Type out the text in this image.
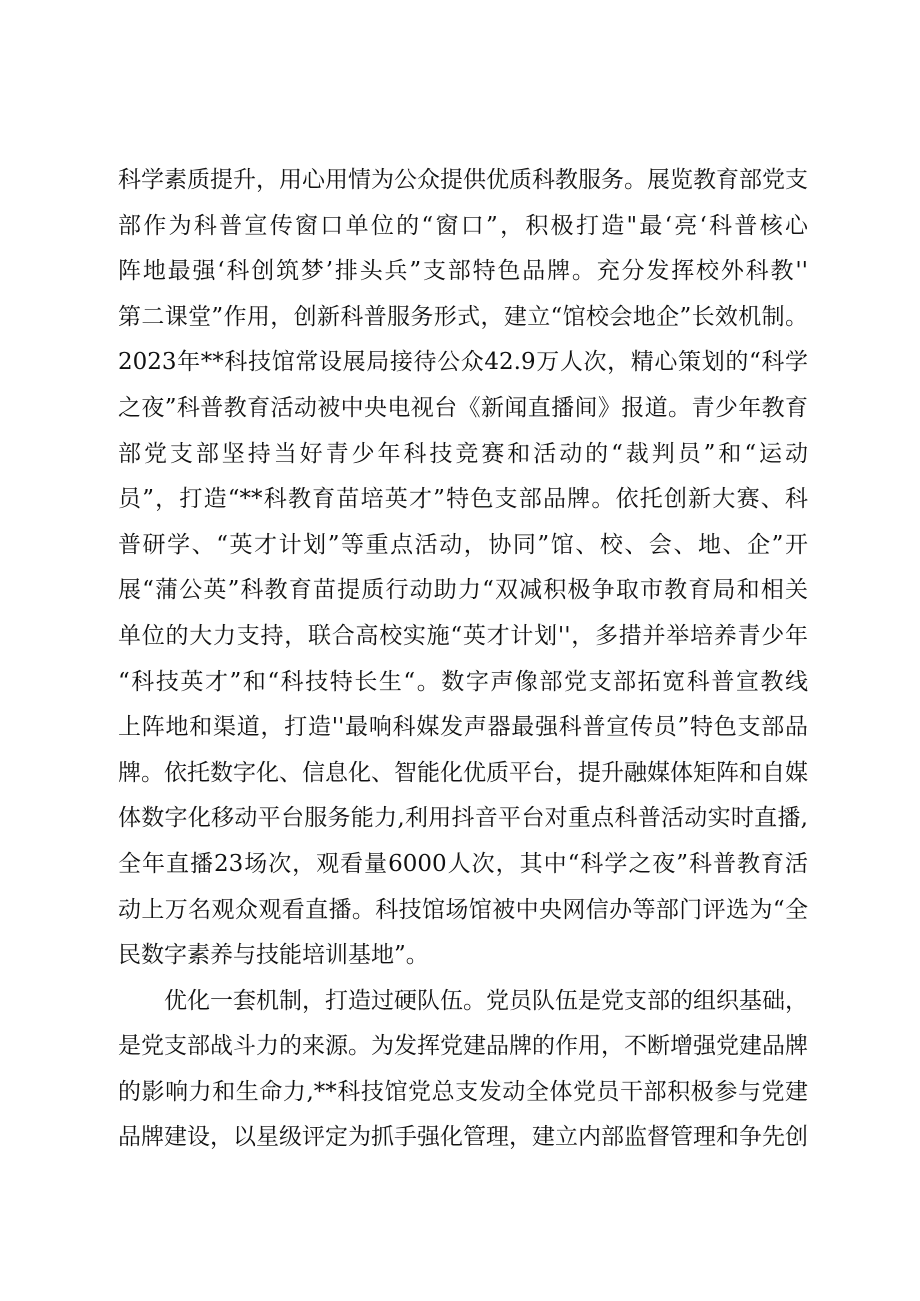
科学素质提升，用心用情为公众提供优质科教服务。展览教育部党支
部作为科普宣传窗口单位的“窗口”，积极打造"最‘亮‘科普核心
阵地最强‘科创筑梦’排头兵”支部特色品牌。充分发挥校外科教''
第二课堂”作用，创新科普服务形式，建立“馆校会地企”长效机制。
2023年**科技馆常设展局接待公众42.9万人次，精心策划的“科学
之夜”科普教育活动被中央电视台《新闻直播间》报道。青少年教育
部党支部坚持当好青少年科技竞赛和活动的“裁判员”和“运动
员”，打造“**科教育苗培英才”特色支部品牌。依托创新大赛、科
普研学、“英才计划”等重点活动，协同”馆、校、会、地、企”开
展“蒲公英”科教育苗提质行动助力“双减积极争取市教育局和相关
单位的大力支持，联合高校实施“英才计划''，多措并举培养青少年
“科技英才”和“科技特长生“。数字声像部党支部拓宽科普宣教线
上阵地和渠道，打造''最响科媒发声器最强科普宣传员”特色支部品
牌。依托数字化、信息化、智能化优质平台，提升融媒体矩阵和自媒
体数字化移动平台服务能力,利用抖音平台对重点科普活动实时直播,
全年直播23场次，观看量6000人次，其中“科学之夜”科普教育活
动上万名观众观看直播。科技馆场馆被中央网信办等部门评选为“全
民数字素养与技能培训基地”。
优化一套机制，打造过硬队伍。党员队伍是党支部的组织基础，
是党支部战斗力的来源。为发挥党建品牌的作用，不断增强党建品牌
的影响力和生命力,**科技馆党总支发动全体党员干部积极参与党建
品牌建设，以星级评定为抓手强化管理，建立内部监督管理和争先创
